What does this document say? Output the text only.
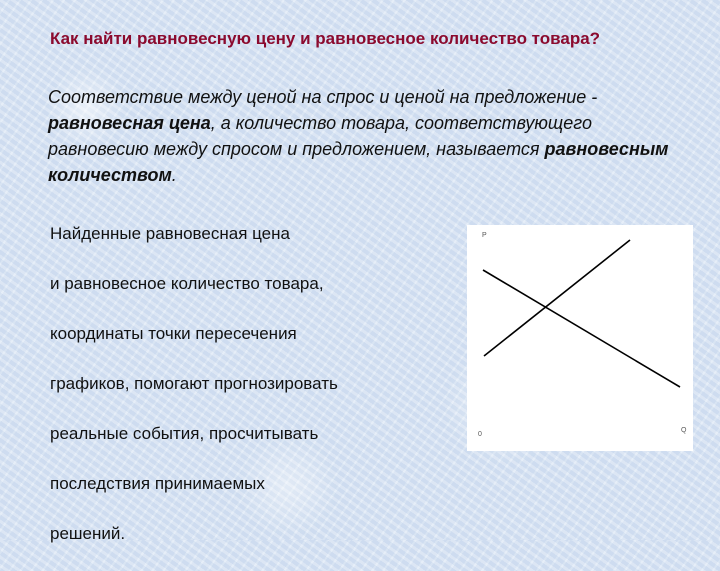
Как найти равновесную цену и равновесное количество товара?

Соответствие между ценой на спрос и ценой на предложение - равновесная цена, а количество товара, соответствующего равновесию между спросом и предложением, называется равновесным количеством.

Найденные равновесная цена

и равновесное количество товара,

координаты точки пересечения

графиков, помогают прогнозировать

реальные события, просчитывать

последствия принимаемых

решений.

Р
Q
0
